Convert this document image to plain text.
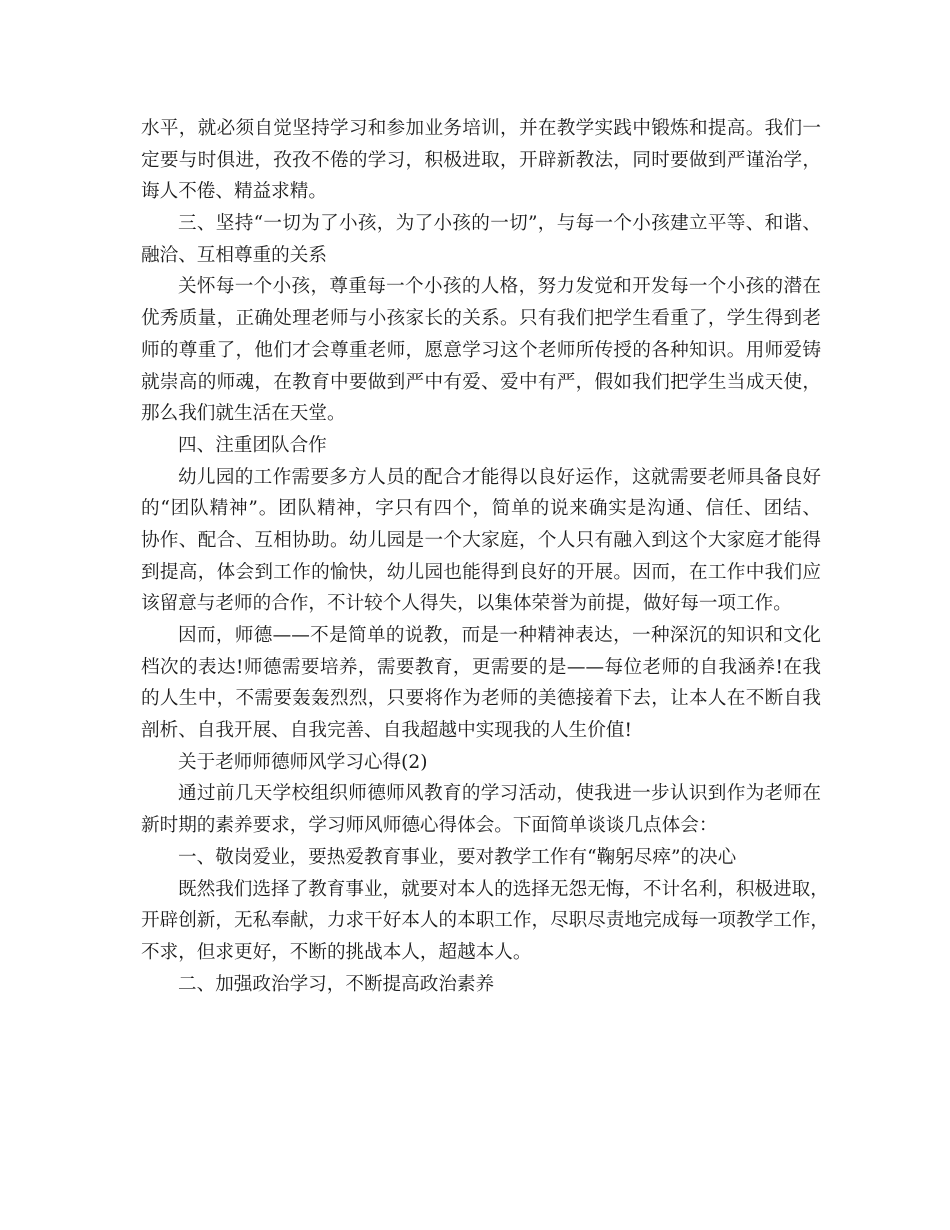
水平，就必须自觉坚持学习和参加业务培训，并在教学实践中锻炼和提高。我们一
定要与时俱进，孜孜不倦的学习，积极进取，开辟新教法，同时要做到严谨治学，
诲人不倦、精益求精。
三、坚持“一切为了小孩，为了小孩的一切”，与每一个小孩建立平等、和谐、
融洽、互相尊重的关系
关怀每一个小孩，尊重每一个小孩的人格，努力发觉和开发每一个小孩的潜在
优秀质量，正确处理老师与小孩家长的关系。只有我们把学生看重了，学生得到老
师的尊重了，他们才会尊重老师，愿意学习这个老师所传授的各种知识。用师爱铸
就崇高的师魂，在教育中要做到严中有爱、爱中有严，假如我们把学生当成天使，
那么我们就生活在天堂。
四、注重团队合作
幼儿园的工作需要多方人员的配合才能得以良好运作，这就需要老师具备良好
的“团队精神”。团队精神，字只有四个，简单的说来确实是沟通、信任、团结、
协作、配合、互相协助。幼儿园是一个大家庭，个人只有融入到这个大家庭才能得
到提高，体会到工作的愉快，幼儿园也能得到良好的开展。因而，在工作中我们应
该留意与老师的合作，不计较个人得失，以集体荣誉为前提，做好每一项工作。
因而，师德——不是简单的说教，而是一种精神表达，一种深沉的知识和文化
档次的表达!师德需要培养，需要教育，更需要的是——每位老师的自我涵养!在我
的人生中，不需要轰轰烈烈，只要将作为老师的美德接着下去，让本人在不断自我
剖析、自我开展、自我完善、自我超越中实现我的人生价值!
关于老师师德师风学习心得(2)
通过前几天学校组织师德师风教育的学习活动，使我进一步认识到作为老师在
新时期的素养要求，学习师风师德心得体会。下面简单谈谈几点体会：
一、敬岗爱业，要热爱教育事业，要对教学工作有“鞠躬尽瘁”的决心
既然我们选择了教育事业，就要对本人的选择无怨无悔，不计名利，积极进取，
开辟创新，无私奉献，力求干好本人的本职工作，尽职尽责地完成每一项教学工作，
不求，但求更好，不断的挑战本人，超越本人。
二、加强政治学习，不断提高政治素养
